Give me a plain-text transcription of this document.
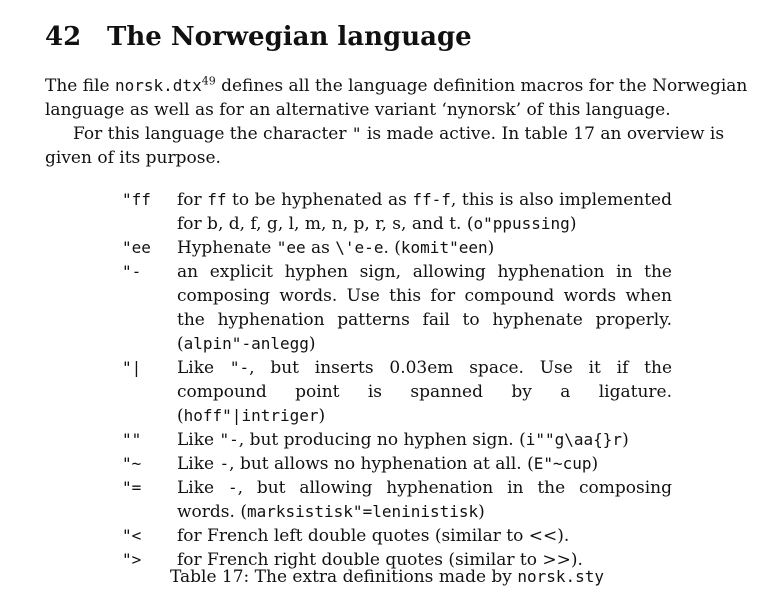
42 The Norwegian language
The file norsk.dtx$^{49}$ defines all the language definition macros for the Norwegian language as well as for an alternative variant ‘nynorsk’ of this language.
For this language the character " is made active. In table 17 an overview is given of its purpose.
"ff	for ff to be hyphenated as ff-f, this is also implemented for b, d, f, g, l, m, n, p, r, s, and t. (o"ppussing)
"ee	Hyphenate "ee as \'e-e. (komit"een)
"-	an explicit hyphen sign, allowing hyphenation in the composing words. Use this for compound words when the hyphenation patterns fail to hyphenate properly. (alpin"-anlegg)
"|	Like "-, but inserts 0.03em space. Use it if the compound point is spanned by a ligature. (hoff"|intriger)
""	Like "-, but producing no hyphen sign. (i""g\aa{}r)
"~	Like -, but allows no hyphenation at all. (E"~cup)
"=	Like -, but allowing hyphenation in the composing words. (marksistisk"=leninistisk)
"<	for French left double quotes (similar to <<).
">	for French right double quotes (similar to >>).
Table 17: The extra definitions made by norsk.sty
